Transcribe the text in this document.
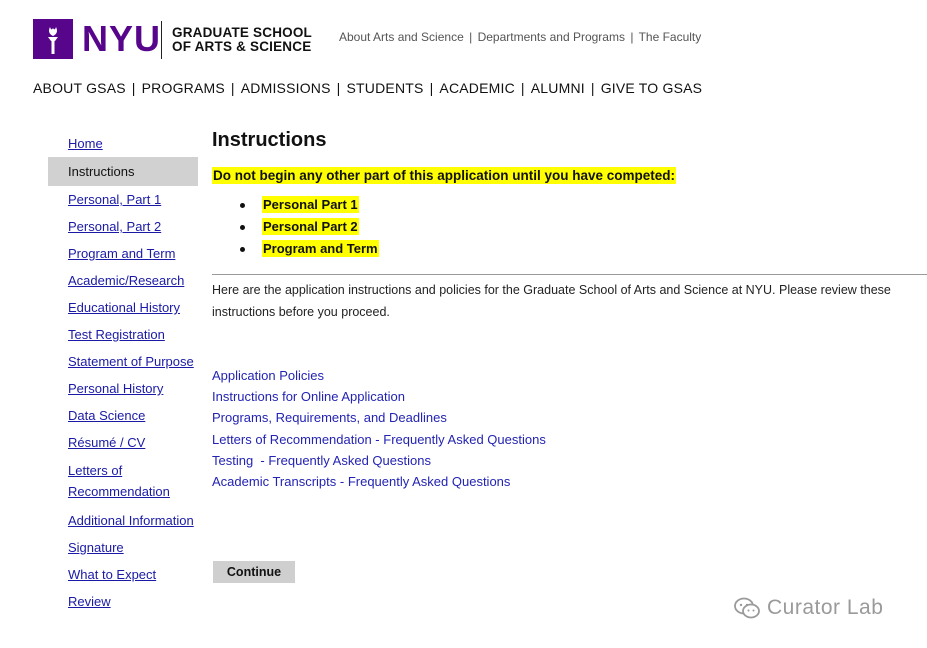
NYU GRADUATE SCHOOL
OF ARTS & SCIENCE
About Arts and Science | Departments and Programs | The Faculty
ABOUT GSAS | PROGRAMS | ADMISSIONS | STUDENTS | ACADEMIC | ALUMNI | GIVE TO GSAS
Home
Instructions
Personal, Part 1
Personal, Part 2
Program and Term
Academic/Research
Educational History
Test Registration
Statement of Purpose
Personal History
Data Science
Résumé / CV
Letters of Recommendation
Additional Information
Signature
What to Expect
Review
Instructions
Do not begin any other part of this application until you have competed:
Personal Part 1
Personal Part 2
Program and Term
Here are the application instructions and policies for the Graduate School of Arts and Science at NYU. Please review these instructions before you proceed.
Application Policies
Instructions for Online Application
Programs, Requirements, and Deadlines
Letters of Recommendation - Frequently Asked Questions
Testing  - Frequently Asked Questions
Academic Transcripts - Frequently Asked Questions
Continue
Curator Lab
